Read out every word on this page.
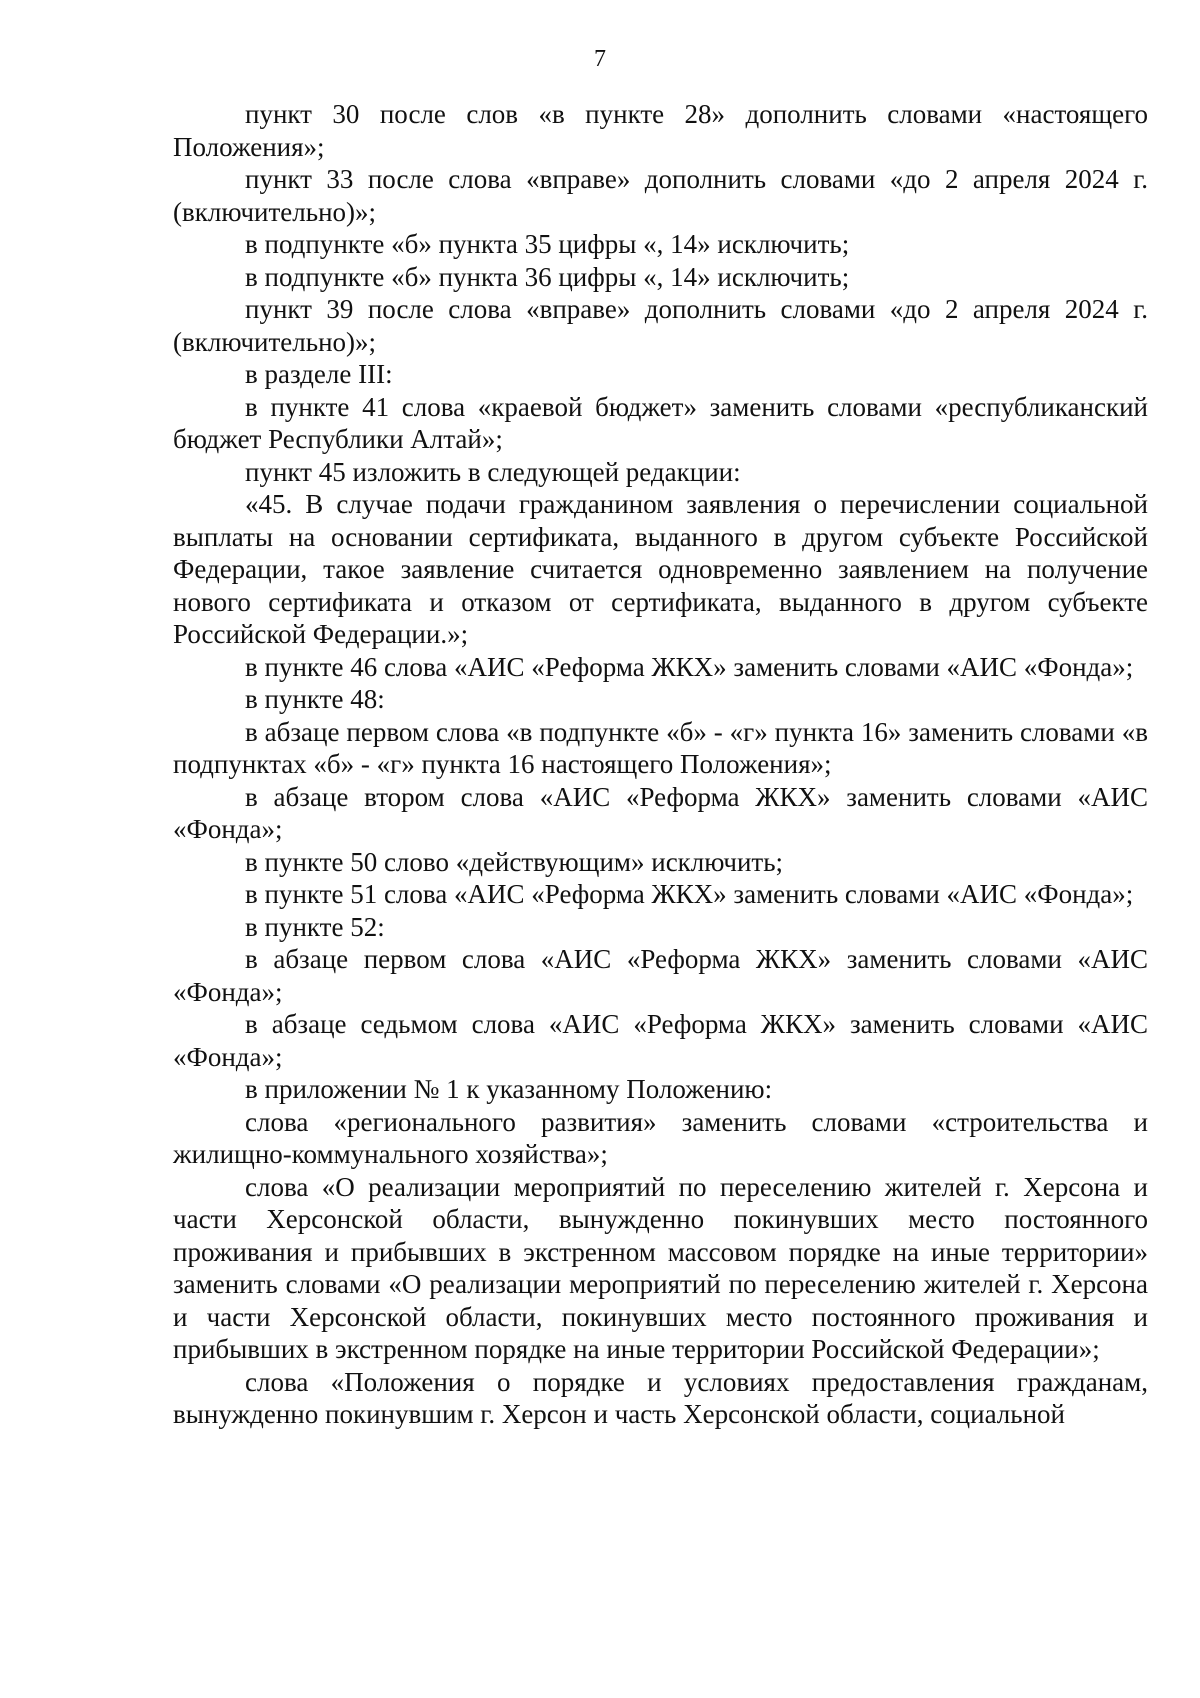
7

пункт 30 после слов «в пункте 28» дополнить словами «настоящего Положения»;

пункт 33 после слова «вправе» дополнить словами «до 2 апреля 2024 г. (включительно)»;

в подпункте «б» пункта 35 цифры «, 14» исключить;

в подпункте «б» пункта 36 цифры «, 14» исключить;

пункт 39 после слова «вправе» дополнить словами «до 2 апреля 2024 г. (включительно)»;

в разделе III:

в пункте 41 слова «краевой бюджет» заменить словами «республиканский бюджет Республики Алтай»;

пункт 45 изложить в следующей редакции:

«45. В случае подачи гражданином заявления о перечислении социальной выплаты на основании сертификата, выданного в другом субъекте Российской Федерации, такое заявление считается одновременно заявлением на получение нового сертификата и отказом от сертификата, выданного в другом субъекте Российской Федерации.»;

в пункте 46 слова «АИС «Реформа ЖКХ» заменить словами «АИС «Фонда»;

в пункте 48:

в абзаце первом слова «в подпункте «б» - «г» пункта 16» заменить словами «в подпунктах «б» - «г» пункта 16 настоящего Положения»;

в абзаце втором слова «АИС «Реформа ЖКХ» заменить словами «АИС «Фонда»;

в пункте 50 слово «действующим» исключить;

в пункте 51 слова «АИС «Реформа ЖКХ» заменить словами «АИС «Фонда»;

в пункте 52:

в абзаце первом слова «АИС «Реформа ЖКХ» заменить словами «АИС «Фонда»;

в абзаце седьмом слова «АИС «Реформа ЖКХ» заменить словами «АИС «Фонда»;

в приложении № 1 к указанному Положению:

слова «регионального развития» заменить словами «строительства и жилищно-коммунального хозяйства»;

слова «О реализации мероприятий по переселению жителей г. Херсона и части Херсонской области, вынужденно покинувших место постоянного проживания и прибывших в экстренном массовом порядке на иные территории» заменить словами «О реализации мероприятий по переселению жителей г. Херсона и части Херсонской области, покинувших место постоянного проживания и прибывших в экстренном порядке на иные территории Российской Федерации»;

слова «Положения о порядке и условиях предоставления гражданам, вынужденно покинувшим г. Херсон и часть Херсонской области, социальной
